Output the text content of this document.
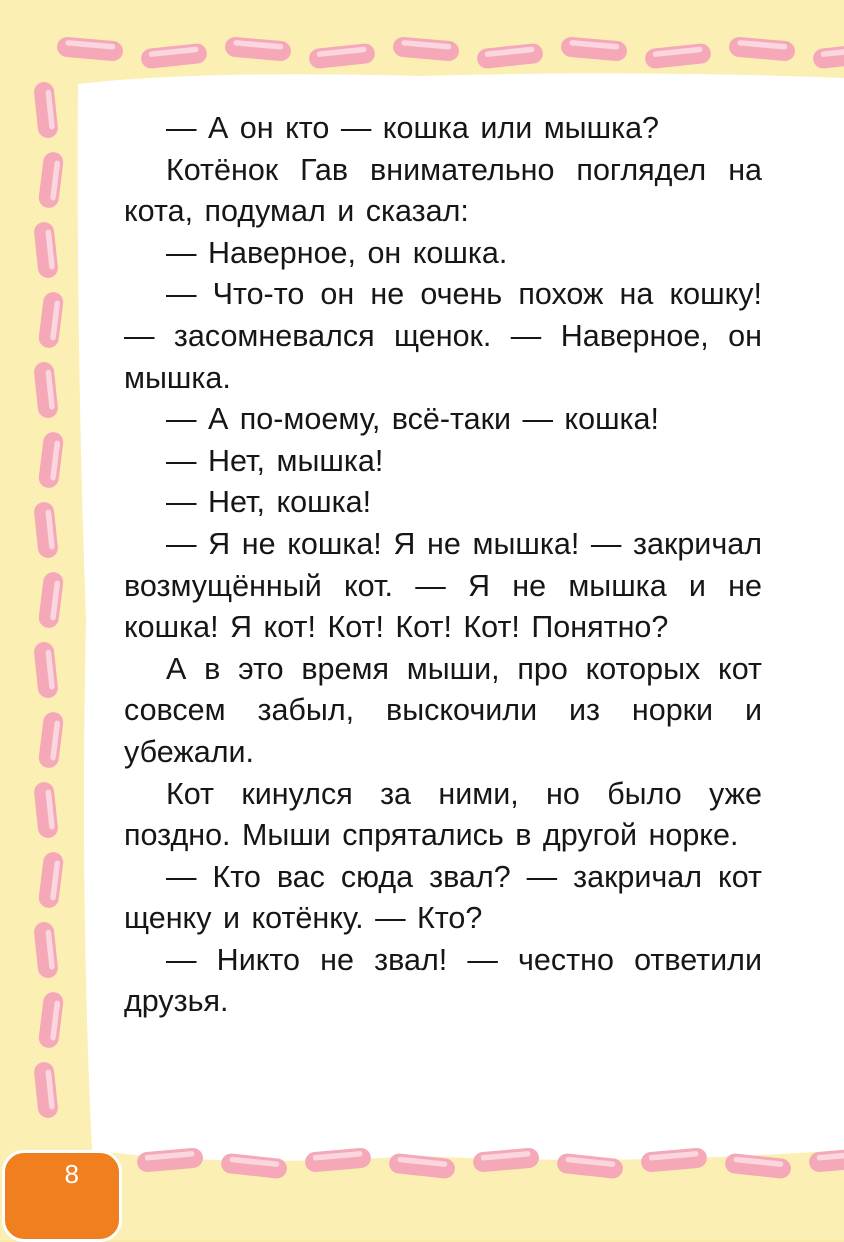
— А он кто — кошка или мышка?

Котёнок Гав внимательно поглядел на кота, подумал и сказал:

— Наверное, он кошка.

— Что-то он не очень похож на кошку! — засомневался щенок. — Наверное, он мышка.

— А по-моему, всё-таки — кошка!

— Нет, мышка!

— Нет, кошка!

— Я не кошка! Я не мышка! — закричал возмущённый кот. — Я не мышка и не кошка! Я кот! Кот! Кот! Кот! Понятно?

А в это время мыши, про которых кот совсем забыл, выскочили из норки и убежали.

Кот кинулся за ними, но было уже поздно. Мыши спрятались в другой норке.

— Кто вас сюда звал? — закричал кот щенку и котёнку. — Кто?

— Никто не звал! — честно ответили друзья.

8
